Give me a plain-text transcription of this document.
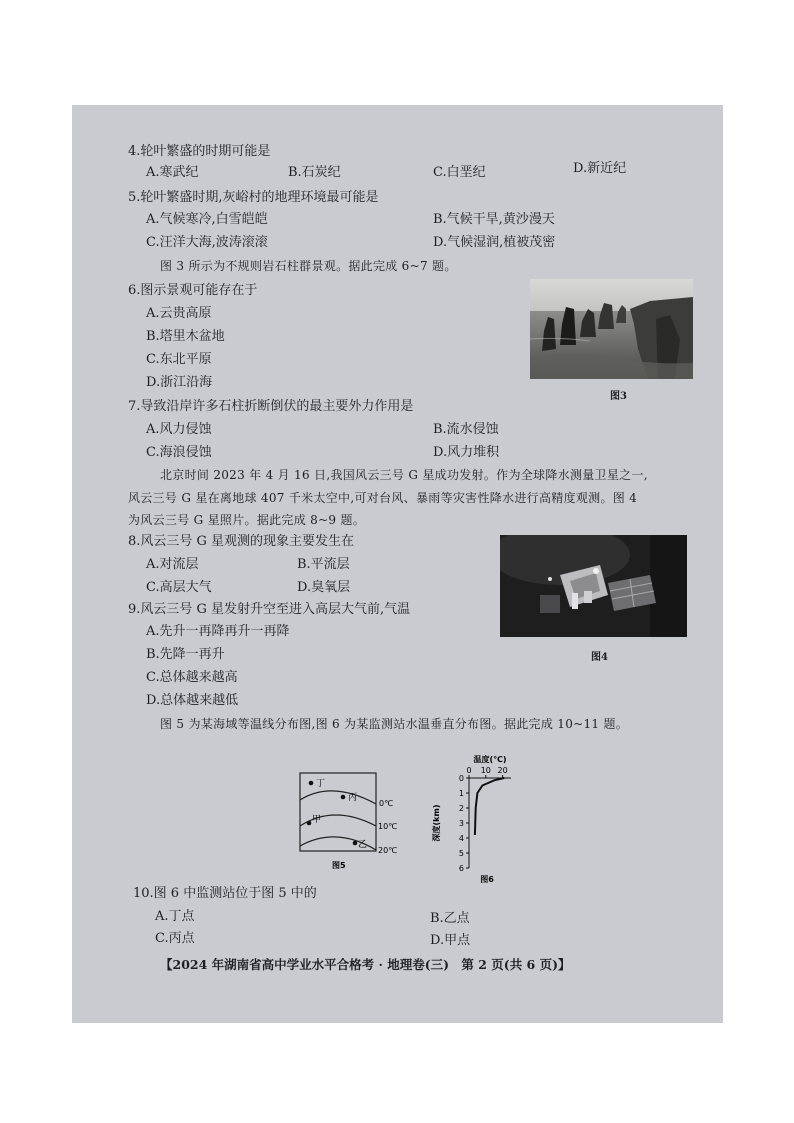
4.轮叶繁盛的时期可能是
A.寒武纪	B.石炭纪	C.白垩纪	D.新近纪
5.轮叶繁盛时期,灰峪村的地理环境最可能是
A.气候寒冷,白雪皑皑	B.气候干旱,黄沙漫天
C.汪洋大海,波涛滚滚	D.气候湿润,植被茂密
图 3 所示为不规则岩石柱群景观。据此完成 6~7 题。
6.图示景观可能存在于
A.云贵高原
B.塔里木盆地
C.东北平原
D.浙江沿海
图3
7.导致沿岸许多石柱折断倒伏的最主要外力作用是
A.风力侵蚀	B.流水侵蚀
C.海浪侵蚀	D.风力堆积
北京时间 2023 年 4 月 16 日,我国风云三号 G 星成功发射。作为全球降水测量卫星之一,
风云三号 G 星在离地球 407 千米太空中,可对台风、暴雨等灾害性降水进行高精度观测。图 4
为风云三号 G 星照片。据此完成 8~9 题。
8.风云三号 G 星观测的现象主要发生在
A.对流层	B.平流层
C.高层大气	D.臭氧层
9.风云三号 G 星发射升空至进入高层大气前,气温
A.先升一再降再升一再降
B.先降一再升	图4
C.总体越来越高
D.总体越来越低
图 5 为某海域等温线分布图,图 6 为某监测站水温垂直分布图。据此完成 10~11 题。
丁
丙
甲
乙
0℃
10℃
20℃
图5
温度(℃)
0 10 20
0
1
2
3
4
5
6
深度(km)
图6
10.图 6 中监测站位于图 5 中的
A.丁点	B.乙点
C.丙点	D.甲点
【2024 年湖南省高中学业水平合格考 · 地理卷(三) 第 2 页(共 6 页)】
